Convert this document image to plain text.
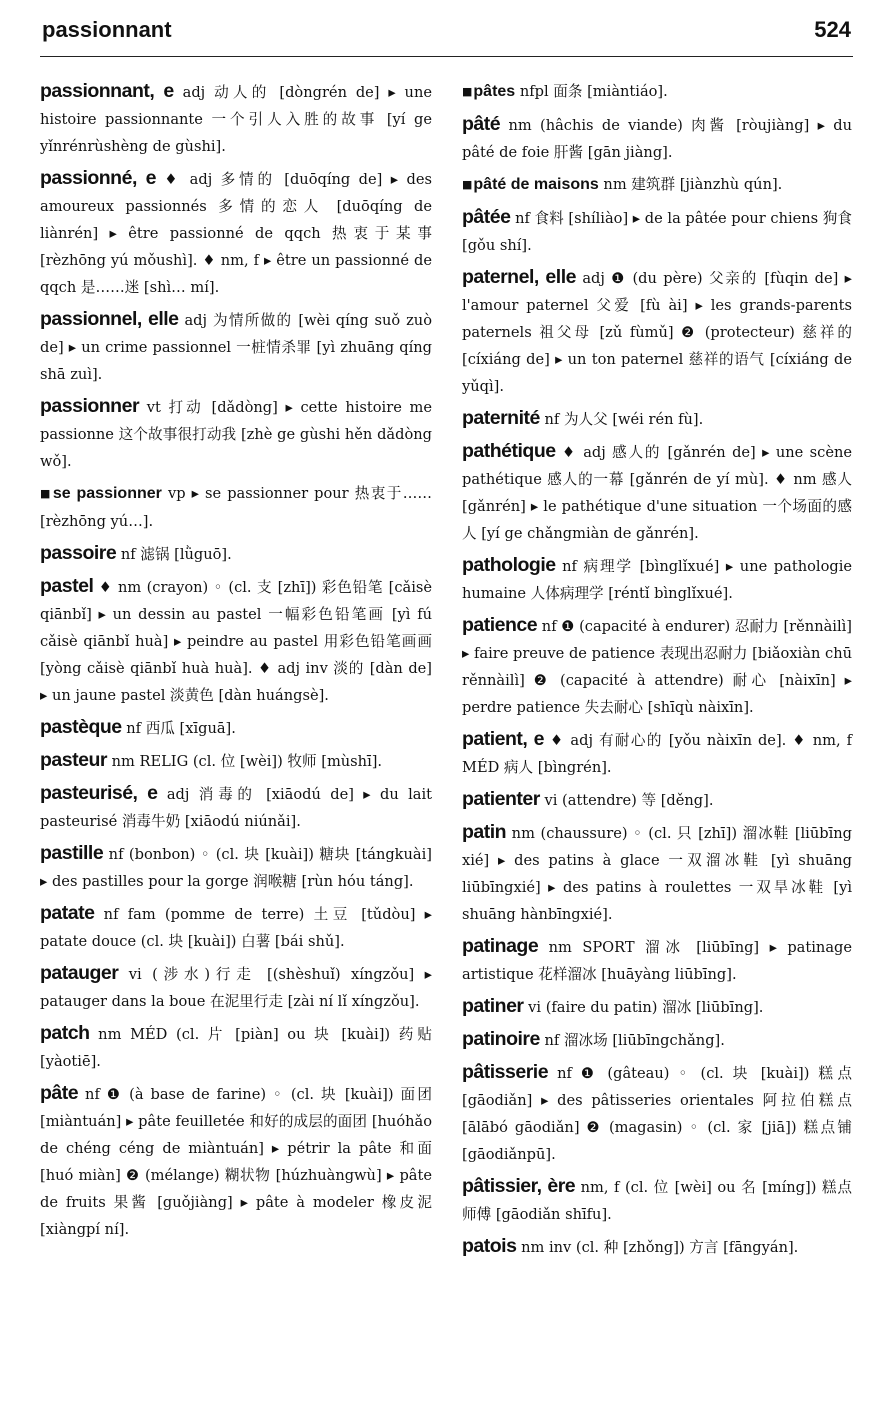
passionnant	524
passionnant, e adj 动人的 [dòngrén de] ▸ une histoire passionnante 一个引人入胜的故事 [yí ge yǐnrénrùshèng de gùshi].
passionné, e ♦ adj 多情的 [duōqíng de] ▸ des amoureux passionnés 多情的恋人 [duōqíng de liànrén] ▸ être passionné de qqch 热衷于某事 [rèzhōng yú mǒushì]. ♦ nm, f ▸ être un passionné de qqch 是……迷 [shì… mí].
passionnel, elle adj 为情所做的 [wèi qíng suǒ zuò de] ▸ un crime passionnel 一桩情杀罪 [yì zhuāng qíng shā zuì].
passionner vt 打动 [dǎdòng] ▸ cette histoire me passionne 这个故事很打动我 [zhè ge gùshi hěn dǎdòng wǒ].
■se passionner vp ▸ se passionner pour 热衷于…… [rèzhōng yú…].
passoire nf 滤锅 [lǜguō].
pastel ♦ nm (crayon) ◦ (cl. 支 [zhī]) 彩色铅笔 [cǎisè qiānbǐ] ▸ un dessin au pastel 一幅彩色铅笔画 [yì fú cǎisè qiānbǐ huà] ▸ peindre au pastel 用彩色铅笔画画 [yòng cǎisè qiānbǐ huà huà]. ♦ adj inv 淡的 [dàn de] ▸ un jaune pastel 淡黄色 [dàn huángsè].
pastèque nf 西瓜 [xīguā].
pasteur nm RELIG (cl. 位 [wèi]) 牧师 [mùshī].
pasteurisé, e adj 消毒的 [xiāodú de] ▸ du lait pasteurisé 消毒牛奶 [xiāodú niúnǎi].
pastille nf (bonbon) ◦ (cl. 块 [kuài]) 糖块 [tángkuài] ▸ des pastilles pour la gorge 润喉糖 [rùn hóu táng].
patate nf fam (pomme de terre) 土豆 [tǔdòu] ▸ patate douce (cl. 块 [kuài]) 白薯 [bái shǔ].
patauger vi (涉水)行走 [(shèshuǐ) xíngzǒu] ▸ patauger dans la boue 在泥里行走 [zài ní lǐ xíngzǒu].
patch nm MÉD (cl. 片 [piàn] ou 块 [kuài]) 药贴 [yàotiē].
pâte nf ❶ (à base de farine) ◦ (cl. 块 [kuài]) 面团 [miàntuán] ▸ pâte feuilletée 和好的成层的面团 [huóhǎo de chéng céng de miàntuán] ▸ pétrir la pâte 和面 [huó miàn] ❷ (mélange) 糊状物 [húzhuàngwù] ▸ pâte de fruits 果酱 [guǒjiàng] ▸ pâte à modeler 橡皮泥 [xiàngpí ní].
■pâtes nfpl 面条 [miàntiáo].
pâté nm (hâchis de viande) 肉酱 [ròujiàng] ▸ du pâté de foie 肝酱 [gān jiàng].
■pâté de maisons nm 建筑群 [jiànzhù qún].
pâtée nf 食料 [shíliào] ▸ de la pâtée pour chiens 狗食 [gǒu shí].
paternel, elle adj ❶ (du père) 父亲的 [fùqin de] ▸ l'amour paternel 父爱 [fù ài] ▸ les grands-parents paternels 祖父母 [zǔ fùmǔ] ❷ (protecteur) 慈祥的 [cíxiáng de] ▸ un ton paternel 慈祥的语气 [cíxiáng de yǔqì].
paternité nf 为人父 [wéi rén fù].
pathétique ♦ adj 感人的 [gǎnrén de] ▸ une scène pathétique 感人的一幕 [gǎnrén de yí mù]. ♦ nm 感人 [gǎnrén] ▸ le pathétique d'une situation 一个场面的感人 [yí ge chǎngmiàn de gǎnrén].
pathologie nf 病理学 [bìnglǐxué] ▸ une pathologie humaine 人体病理学 [réntǐ bìnglǐxué].
patience nf ❶ (capacité à endurer) 忍耐力 [rěnnàilì] ▸ faire preuve de patience 表现出忍耐力 [biǎoxiàn chū rěnnàilì] ❷ (capacité à attendre) 耐心 [nàixīn] ▸ perdre patience 失去耐心 [shīqù nàixīn].
patient, e ♦ adj 有耐心的 [yǒu nàixīn de]. ♦ nm, f MÉD 病人 [bìngrén].
patienter vi (attendre) 等 [děng].
patin nm (chaussure) ◦ (cl. 只 [zhī]) 溜冰鞋 [liūbīng xié] ▸ des patins à glace 一双溜冰鞋 [yì shuāng liūbīngxié] ▸ des patins à roulettes 一双旱冰鞋 [yì shuāng hànbīngxié].
patinage nm SPORT 溜冰 [liūbīng] ▸ patinage artistique 花样溜冰 [huāyàng liūbīng].
patiner vi (faire du patin) 溜冰 [liūbīng].
patinoire nf 溜冰场 [liūbīngchǎng].
pâtisserie nf ❶ (gâteau) ◦ (cl. 块 [kuài]) 糕点 [gāodiǎn] ▸ des pâtisseries orientales 阿拉伯糕点 [ālābó gāodiǎn] ❷ (magasin) ◦ (cl. 家 [jiā]) 糕点铺 [gāodiǎnpū].
pâtissier, ère nm, f (cl. 位 [wèi] ou 名 [míng]) 糕点师傅 [gāodiǎn shīfu].
patois nm inv (cl. 种 [zhǒng]) 方言 [fāngyán].
